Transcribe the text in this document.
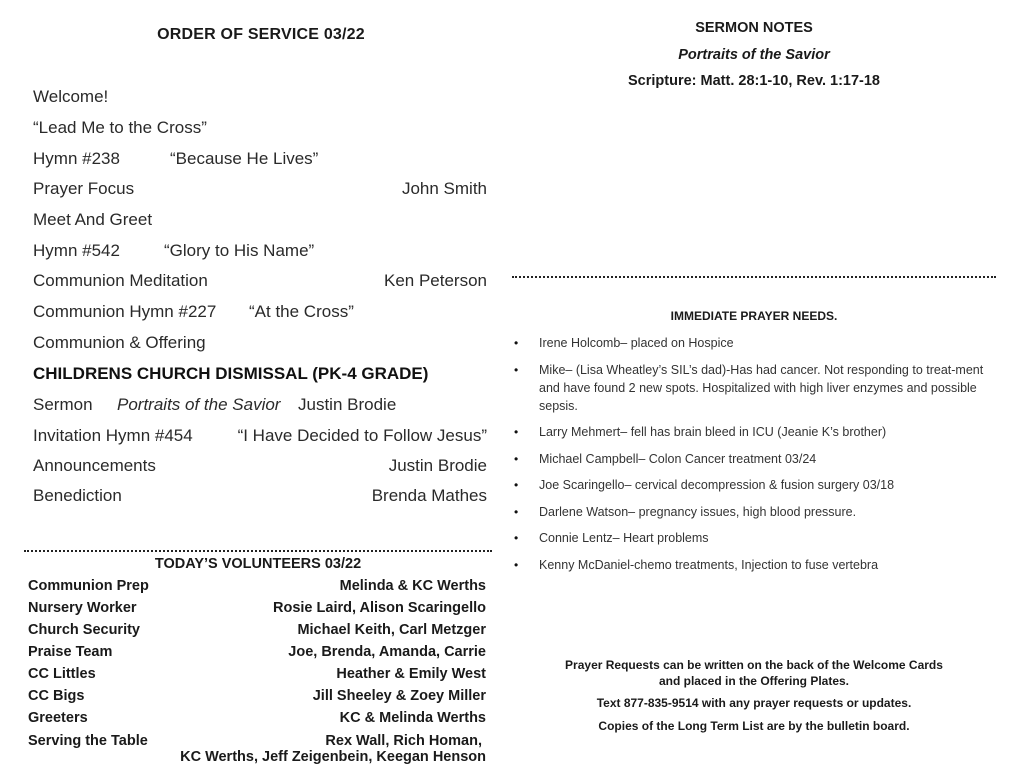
ORDER OF SERVICE 03/22
Welcome!
“Lead Me to the Cross”
Hymn #238	“Because He Lives”
Prayer Focus	John Smith
Meet And Greet
Hymn #542	“Glory to His Name”
Communion Meditation	Ken Peterson
Communion Hymn #227 “At the Cross”
Communion & Offering
CHILDRENS CHURCH DISMISSAL (PK-4 GRADE)
Sermon Portraits of the Savior Justin Brodie
Invitation Hymn #454	“I Have Decided to Follow Jesus”
Announcements	Justin Brodie
Benediction	Brenda Mathes
TODAY’S VOLUNTEERS 03/22
Communion Prep	Melinda & KC Werths
Nursery Worker	Rosie Laird, Alison Scaringello
Church Security	Michael Keith, Carl Metzger
Praise Team	Joe, Brenda, Amanda, Carrie
CC Littles	Heather & Emily West
CC Bigs	Jill Sheeley & Zoey Miller
Greeters	KC & Melinda Werths
Serving the Table	Rex Wall, Rich Homan,
KC Werths, Jeff Zeigenbein, Keegan Henson
SERMON NOTES
Portraits of the Savior
Scripture: Matt. 28:1-10, Rev. 1:17-18
IMMEDIATE PRAYER NEEDS.
• Irene Holcomb– placed on Hospice
• Mike– (Lisa Wheatley’s SIL’s dad)-Has had cancer. Not responding to treat-ment and have found 2 new spots. Hospitalized with high liver enzymes and possible sepsis.
• Larry Mehmert– fell has brain bleed in ICU (Jeanie K’s brother)
• Michael Campbell– Colon Cancer treatment 03/24
• Joe Scaringello– cervical decompression & fusion surgery 03/18
• Darlene Watson– pregnancy issues, high blood pressure.
• Connie Lentz– Heart problems
• Kenny McDaniel-chemo treatments, Injection to fuse vertebra
Prayer Requests can be written on the back of the Welcome Cards and placed in the Offering Plates.
Text 877-835-9514 with any prayer requests or updates.
Copies of the Long Term List are by the bulletin board.
